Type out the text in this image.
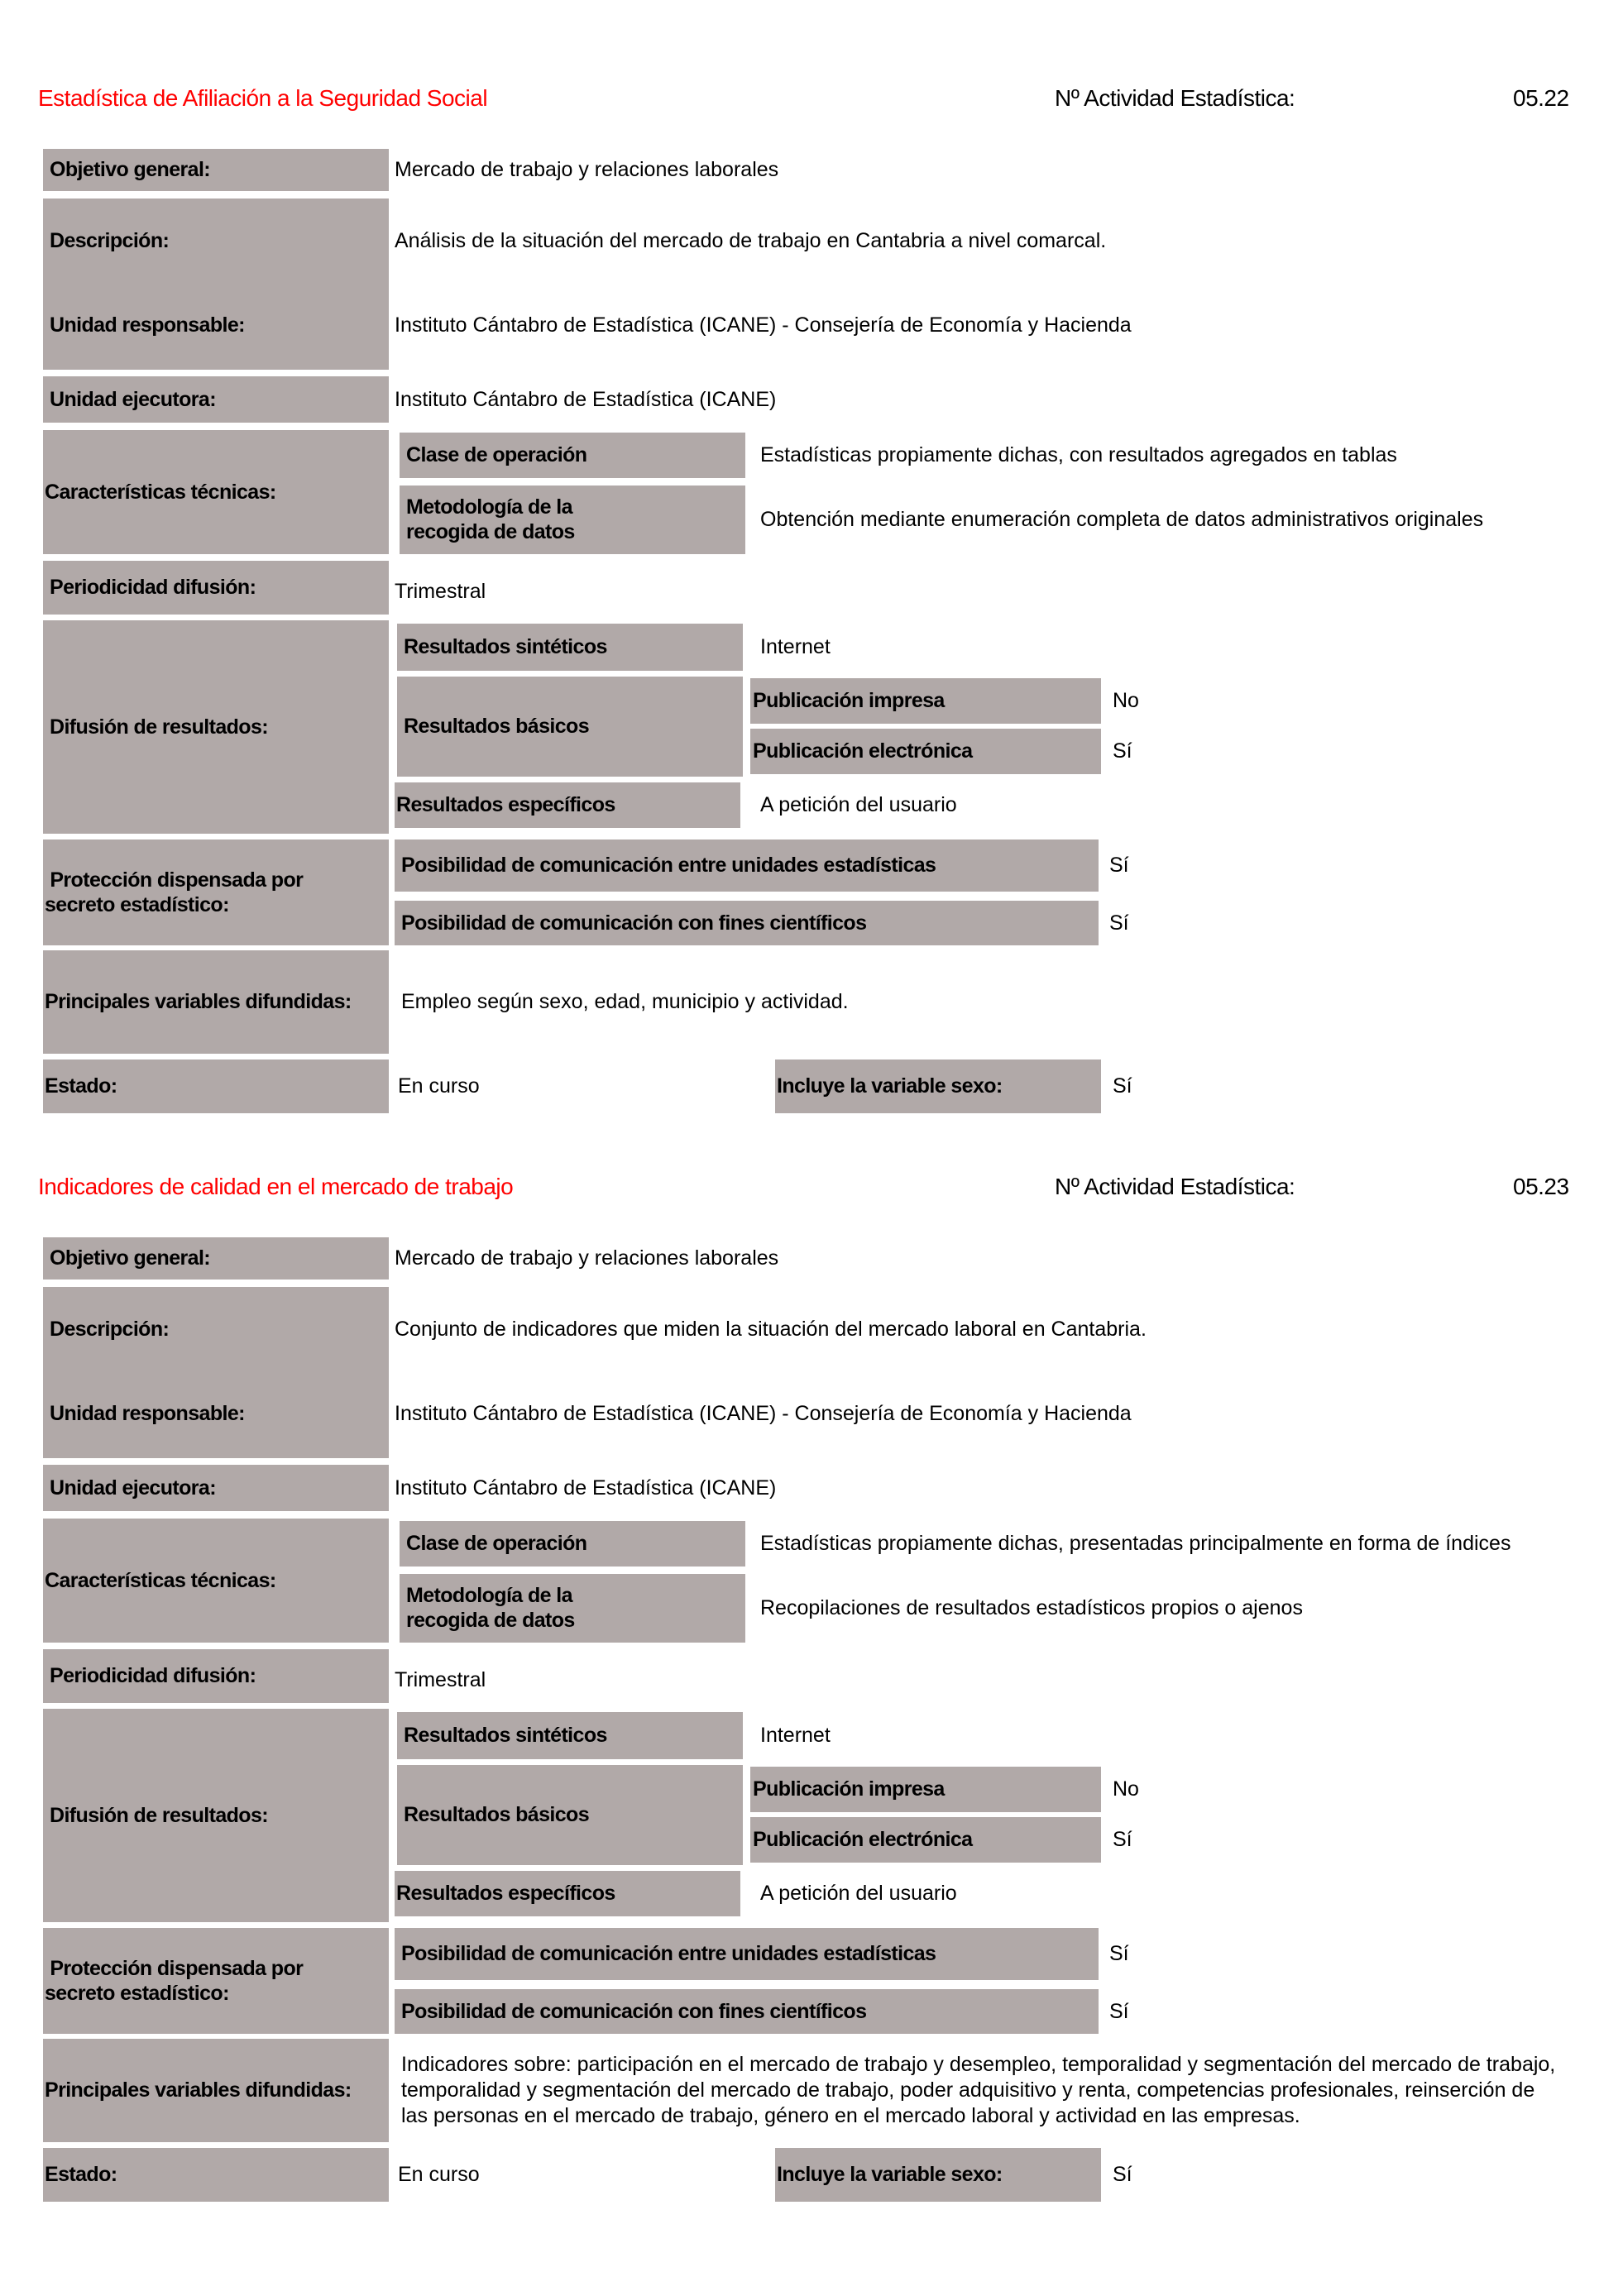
Estadística de Afiliación a la Seguridad Social	Nº Actividad Estadística:	05.22
Objetivo general:	Mercado de trabajo y relaciones laborales
Descripción:	Análisis de la situación del mercado de trabajo en Cantabria a nivel comarcal.
Unidad responsable:	Instituto Cántabro de Estadística (ICANE) - Consejería de Economía y Hacienda
Unidad ejecutora:	Instituto Cántabro de Estadística (ICANE)
Características técnicas:
Clase de operación	Estadísticas propiamente dichas, con resultados agregados en tablas
Metodología de la
recogida de datos
Obtención mediante enumeración completa de datos administrativos originales
Periodicidad difusión:	Trimestral
Difusión de resultados:
Resultados sintéticos	Internet
Resultados básicos
Publicación impresa	No
Publicación electrónica	Sí
Resultados específicos	A petición del usuario
Protección dispensada por
secreto estadístico:
Posibilidad de comunicación entre unidades estadísticas	Sí
Posibilidad de comunicación con fines científicos	Sí
Principales variables difundidas:	Empleo según sexo, edad, municipio y actividad.
Estado:	En curso	Incluye la variable sexo:	Sí
Indicadores de calidad en el mercado de trabajo	Nº Actividad Estadística:	05.23
Objetivo general:	Mercado de trabajo y relaciones laborales
Descripción:	Conjunto de indicadores que miden la situación del mercado laboral en Cantabria.
Unidad responsable:	Instituto Cántabro de Estadística (ICANE) - Consejería de Economía y Hacienda
Unidad ejecutora:	Instituto Cántabro de Estadística (ICANE)
Características técnicas:
Clase de operación	Estadísticas propiamente dichas, presentadas principalmente en forma de índices
Metodología de la
recogida de datos
Recopilaciones de resultados estadísticos propios o ajenos
Periodicidad difusión:	Trimestral
Difusión de resultados:
Resultados sintéticos	Internet
Resultados básicos
Publicación impresa	No
Publicación electrónica	Sí
Resultados específicos	A petición del usuario
Protección dispensada por
secreto estadístico:
Posibilidad de comunicación entre unidades estadísticas	Sí
Posibilidad de comunicación con fines científicos	Sí
Principales variables difundidas:
Indicadores sobre: participación en el mercado de trabajo y desempleo, temporalidad y segmentación del mercado de trabajo, temporalidad y segmentación del mercado de trabajo, poder adquisitivo y renta, competencias profesionales, reinserción de las personas en el mercado de trabajo, género en el mercado laboral y actividad en las empresas.
Estado:	En curso	Incluye la variable sexo:	Sí
